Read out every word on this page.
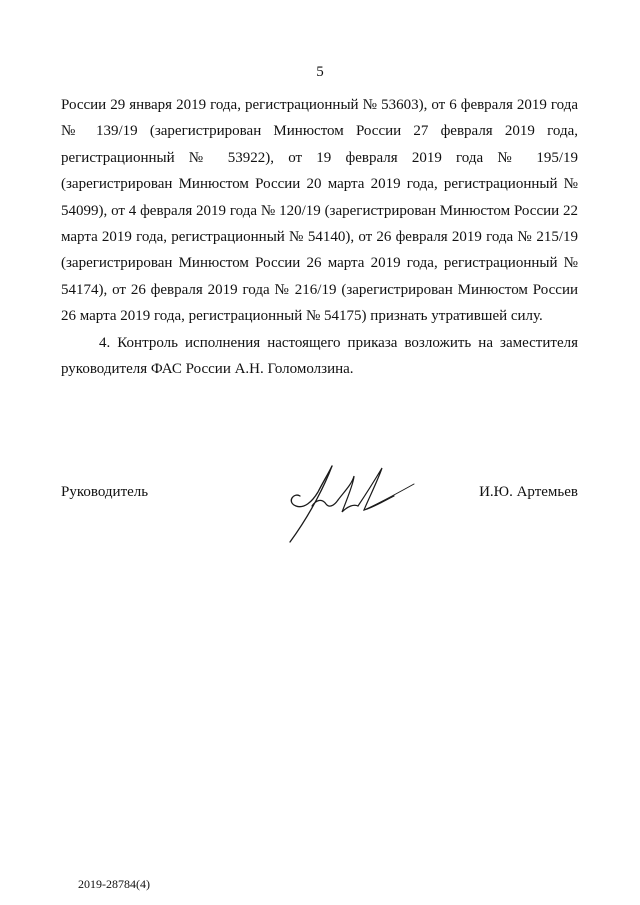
5

России 29 января 2019 года, регистрационный № 53603), от 6 февраля 2019 года № 139/19 (зарегистрирован Минюстом России 27 февраля 2019 года, регистрационный № 53922), от 19 февраля 2019 года № 195/19 (зарегистрирован Минюстом России 20 марта 2019 года, регистрационный № 54099), от 4 февраля 2019 года № 120/19 (зарегистрирован Минюстом России 22 марта 2019 года, регистрационный № 54140), от 26 февраля 2019 года № 215/19 (зарегистрирован Минюстом России 26 марта 2019 года, регистрационный № 54174), от 26 февраля 2019 года № 216/19 (зарегистрирован Минюстом России 26 марта 2019 года, регистрационный № 54175) признать утратившей силу.

4. Контроль исполнения настоящего приказа возложить на заместителя руководителя ФАС России А.Н. Голомолзина.

Руководитель	И.Ю. Артемьев
2019-28784(4)
